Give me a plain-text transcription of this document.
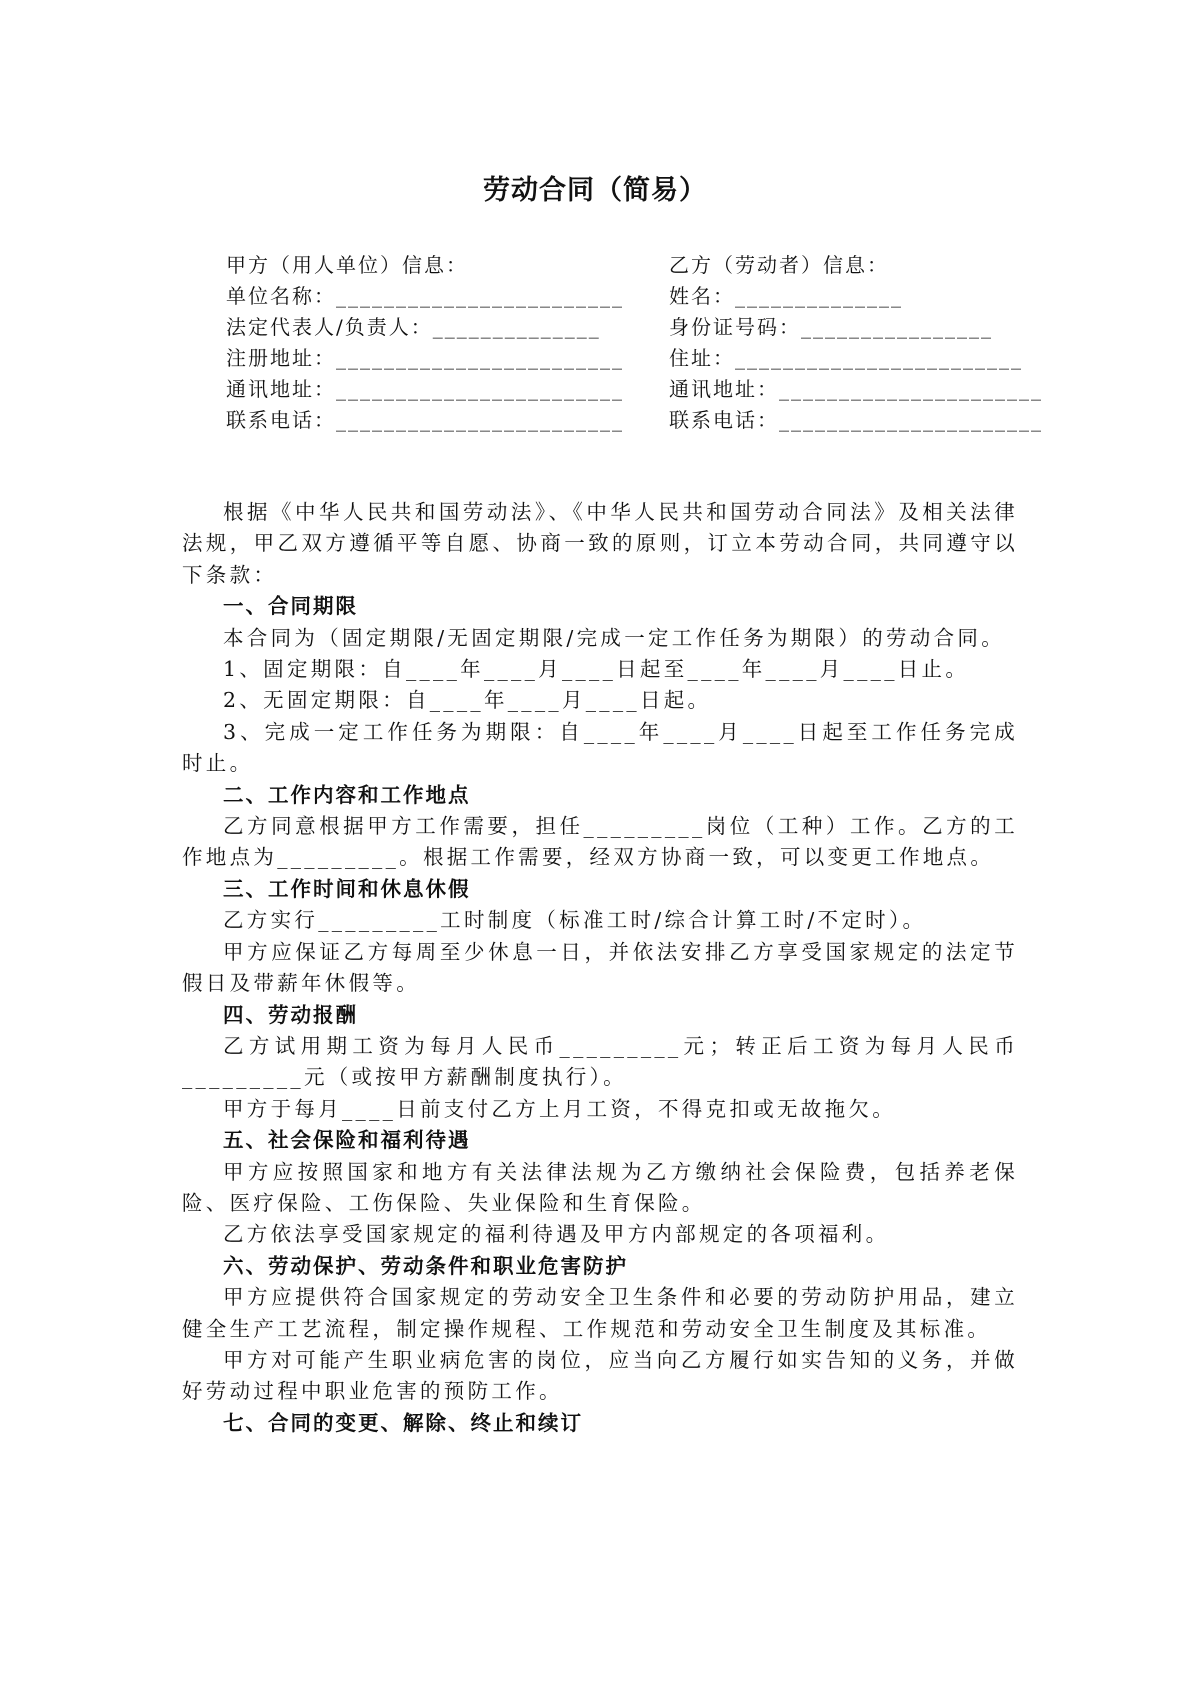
劳动合同（简易）
甲方（用人单位）信息：
单位名称：________________________
法定代表人/负责人：______________
注册地址：________________________
通讯地址：________________________
联系电话：________________________
乙方（劳动者）信息：
姓名：______________
身份证号码：________________
住址：________________________
通讯地址：______________________
联系电话：______________________

根据《中华人民共和国劳动法》、《中华人民共和国劳动合同法》及相关法律法规，甲乙双方遵循平等自愿、协商一致的原则，订立本劳动合同，共同遵守以下条款：

一、合同期限

本合同为（固定期限/无固定期限/完成一定工作任务为期限）的劳动合同。

1、固定期限：自____年____月____日起至____年____月____日止。

2、无固定期限：自____年____月____日起。

3、完成一定工作任务为期限：自____年____月____日起至工作任务完成时止。

二、工作内容和工作地点

乙方同意根据甲方工作需要，担任_________岗位（工种）工作。乙方的工作地点为_________。根据工作需要，经双方协商一致，可以变更工作地点。

三、工作时间和休息休假

乙方实行_________工时制度（标准工时/综合计算工时/不定时）。

甲方应保证乙方每周至少休息一日，并依法安排乙方享受国家规定的法定节假日及带薪年休假等。

四、劳动报酬

乙方试用期工资为每月人民币_________元；转正后工资为每月人民币_________元（或按甲方薪酬制度执行）。

甲方于每月____日前支付乙方上月工资，不得克扣或无故拖欠。

五、社会保险和福利待遇

甲方应按照国家和地方有关法律法规为乙方缴纳社会保险费，包括养老保险、医疗保险、工伤保险、失业保险和生育保险。

乙方依法享受国家规定的福利待遇及甲方内部规定的各项福利。

六、劳动保护、劳动条件和职业危害防护

甲方应提供符合国家规定的劳动安全卫生条件和必要的劳动防护用品，建立健全生产工艺流程，制定操作规程、工作规范和劳动安全卫生制度及其标准。

甲方对可能产生职业病危害的岗位，应当向乙方履行如实告知的义务，并做好劳动过程中职业危害的预防工作。

七、合同的变更、解除、终止和续订
